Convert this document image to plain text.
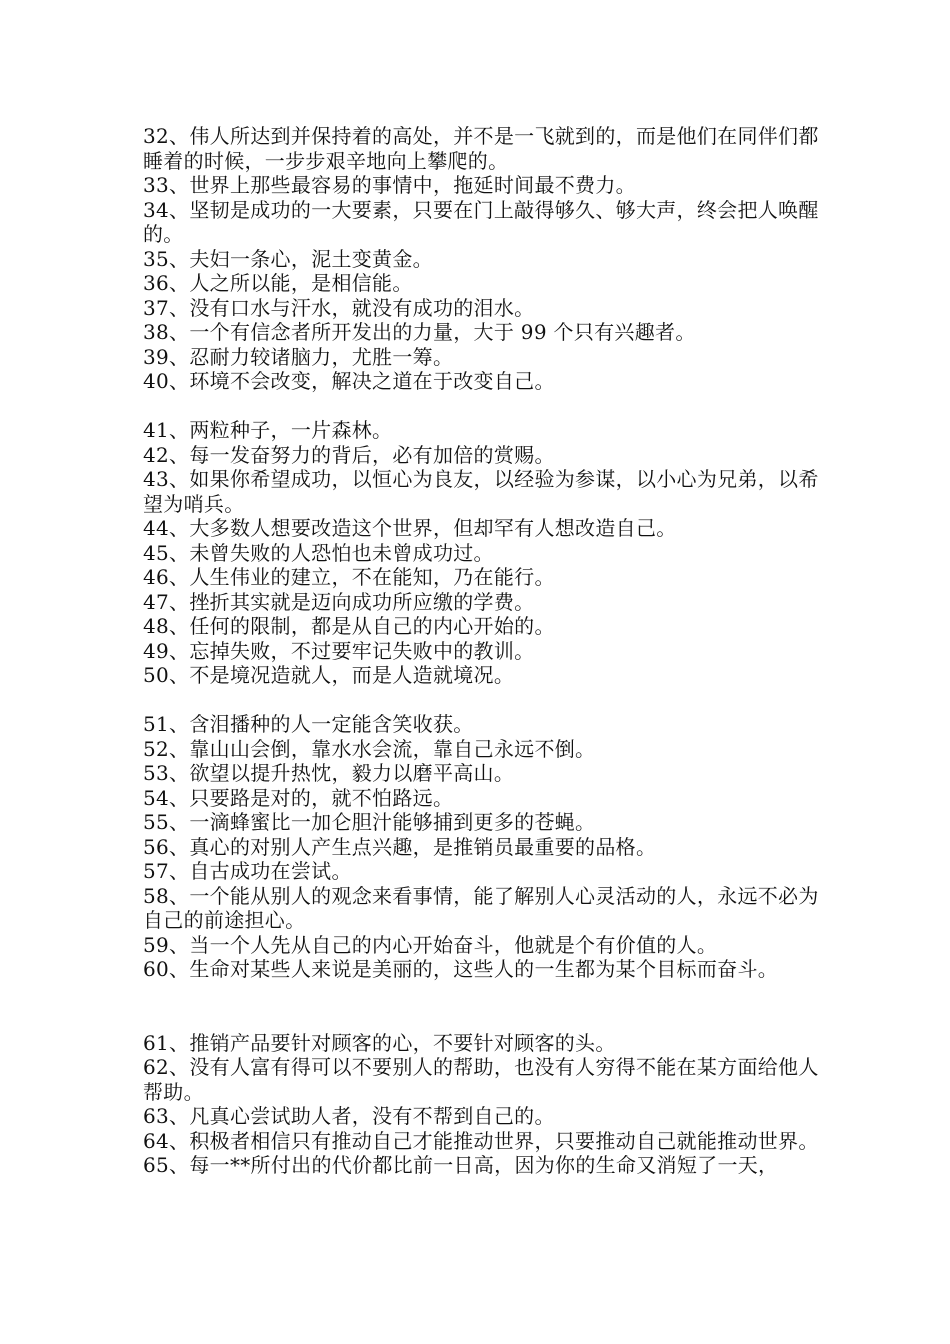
32、伟人所达到并保持着的高处，并不是一飞就到的，而是他们在同伴们都睡着的时候，一步步艰辛地向上攀爬的。

33、世界上那些最容易的事情中，拖延时间最不费力。

34、坚韧是成功的一大要素，只要在门上敲得够久、够大声，终会把人唤醒的。

35、夫妇一条心，泥土变黄金。

36、人之所以能，是相信能。

37、没有口水与汗水，就没有成功的泪水。

38、一个有信念者所开发出的力量，大于 99 个只有兴趣者。

39、忍耐力较诸脑力，尤胜一筹。

40、环境不会改变，解决之道在于改变自己。

41、两粒种子，一片森林。

42、每一发奋努力的背后，必有加倍的赏赐。

43、如果你希望成功，以恒心为良友，以经验为参谋，以小心为兄弟，以希望为哨兵。

44、大多数人想要改造这个世界，但却罕有人想改造自己。

45、未曾失败的人恐怕也未曾成功过。

46、人生伟业的建立，不在能知，乃在能行。

47、挫折其实就是迈向成功所应缴的学费。

48、任何的限制，都是从自己的内心开始的。

49、忘掉失败，不过要牢记失败中的教训。

50、不是境况造就人，而是人造就境况。

51、含泪播种的人一定能含笑收获。

52、靠山山会倒，靠水水会流，靠自己永远不倒。

53、欲望以提升热忱，毅力以磨平高山。

54、只要路是对的，就不怕路远。

55、一滴蜂蜜比一加仑胆汁能够捕到更多的苍蝇。

56、真心的对别人产生点兴趣，是推销员最重要的品格。

57、自古成功在尝试。

58、一个能从别人的观念来看事情，能了解别人心灵活动的人，永远不必为自己的前途担心。

59、当一个人先从自己的内心开始奋斗，他就是个有价值的人。

60、生命对某些人来说是美丽的，这些人的一生都为某个目标而奋斗。

61、推销产品要针对顾客的心，不要针对顾客的头。

62、没有人富有得可以不要别人的帮助，也没有人穷得不能在某方面给他人帮助。

63、凡真心尝试助人者，没有不帮到自己的。

64、积极者相信只有推动自己才能推动世界，只要推动自己就能推动世界。

65、每一**所付出的代价都比前一日高，因为你的生命又消短了一天，
